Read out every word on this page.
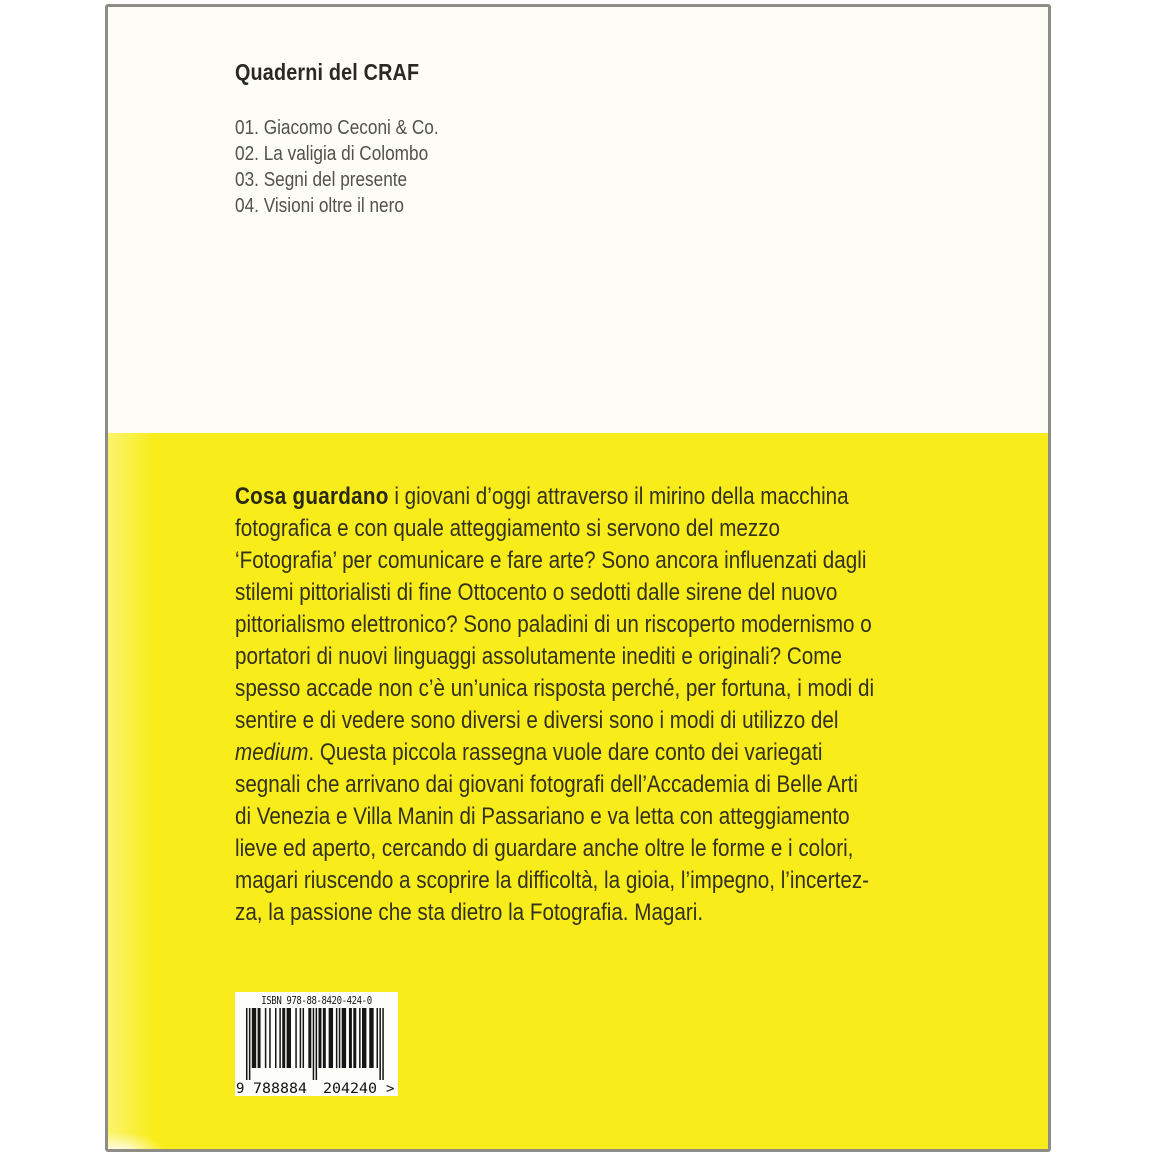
Quaderni del CRAF
01. Giacomo Ceconi & Co.
02. La valigia di Colombo
03. Segni del presente
04. Visioni oltre il nero
Cosa guardano i giovani d’oggi attraverso il mirino della macchina
fotografica e con quale atteggiamento si servono del mezzo
‘Fotografia’ per comunicare e fare arte? Sono ancora influenzati dagli
stilemi pittorialisti di fine Ottocento o sedotti dalle sirene del nuovo
pittorialismo elettronico? Sono paladini di un riscoperto modernismo o
portatori di nuovi linguaggi assolutamente inediti e originali? Come
spesso accade non c’è un’unica risposta perché, per fortuna, i modi di
sentire e di vedere sono diversi e diversi sono i modi di utilizzo del
medium. Questa piccola rassegna vuole dare conto dei variegati
segnali che arrivano dai giovani fotografi dell’Accademia di Belle Arti
di Venezia e Villa Manin di Passariano e va letta con atteggiamento
lieve ed aperto, cercando di guardare anche oltre le forme e i colori,
magari riuscendo a scoprire la difficoltà, la gioia, l’impegno, l’incertez-
za, la passione che sta dietro la Fotografia. Magari.
ISBN 978-88-8420-424-0
9 788884 204240 >
